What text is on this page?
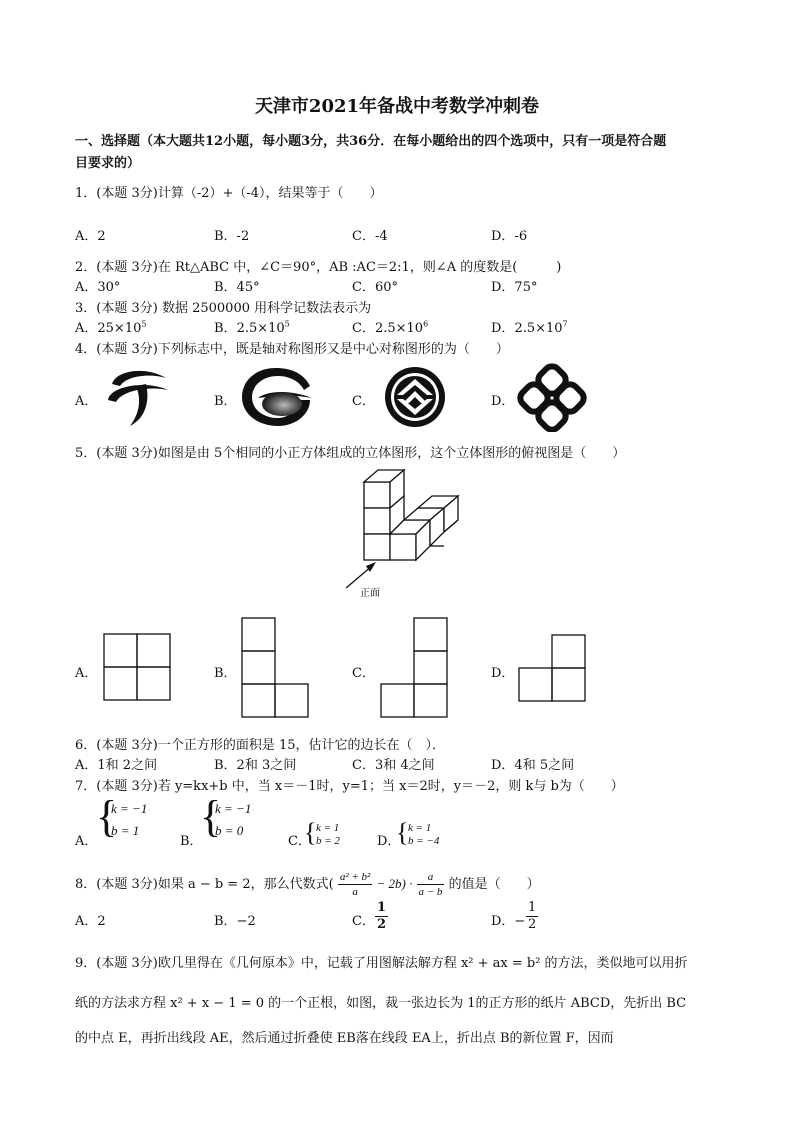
天津市2021年备战中考数学冲刺卷
一、选择题（本大题共12小题，每小题3分，共36分．在每小题给出的四个选项中，只有一项是符合题
目要求的）
1．(本题 3分)计算（-2）+（-4），结果等于（　　）
A．2	B．-2	C．-4	D．-6
2．(本题 3分)在 Rt△ABC 中，∠C＝90°，AB :AC＝2:1，则∠A 的度数是(　　　)
A．30°	B．45°	C．60°	D．75°
3．(本题 3分) 数据 2500000 用科学记数法表示为
A．$25\times 10^5$	B．$2.5\times 10^5$	C．$2.5\times 10^6$	D．$2.5\times 10^7$
4．(本题 3分)下列标志中，既是轴对称图形又是中心对称图形的为（　　）
A．	B．	C．	D．
5．(本题 3分)如图是由 5个相同的小正方体组成的立体图形，这个立体图形的俯视图是（　　）
正面
A．	B．	C．	D．
6．(本题 3分)一个正方形的面积是 15，估计它的边长在（　）．
A．1和 2之间	B．2和 3之间	C．3和 4之间	D．4和 5之间
7．(本题 3分)若 y=kx+b 中，当 x＝－1时，y=1；当 x＝2时，y＝－2，则 k与 b为（　　）
A．
{
k = −1
b = 1
B．
{
k = −1
b = 0
C．
{ k = 1
b = 2	D．
{ k = 1
b = −4
8．(本题 3分)如果 a − b = 2，那么代数式( $\frac{\text{a² + b²}}{a} - 2b) \cdot \frac{a}{a - b}$ 的值是（　　）
A．2	B．−2	C． $\frac{1}{2}$	D．− $\frac{1}{2}$
9．(本题 3分)欧几里得在《几何原本》中，记载了用图解法解方程 x² + ax = b² 的方法，类似地可以用折
纸的方法求方程 x² + x − 1 = 0 的一个正根，如图，裁一张边长为 1的正方形的纸片 ABCD，先折出 BC
的中点 E，再折出线段 AE，然后通过折叠使 EB落在线段 EA上，折出点 B的新位置 F，因而
